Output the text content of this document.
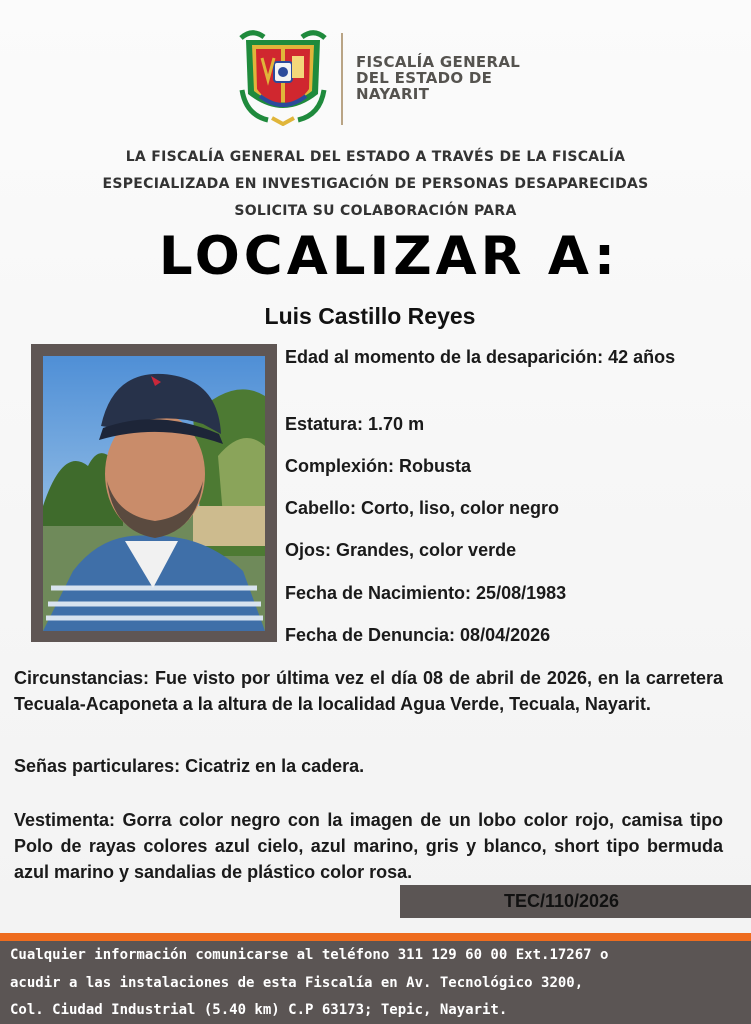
FISCALÍA GENERAL
DEL ESTADO DE
NAYARIT
LA FISCALÍA GENERAL DEL ESTADO A TRAVÉS DE LA FISCALÍA
ESPECIALIZADA EN INVESTIGACIÓN DE PERSONAS DESAPARECIDAS
SOLICITA SU COLABORACIÓN PARA
LOCALIZAR A:
Luis Castillo Reyes
Edad al momento de la desaparición: 42 años
Estatura: 1.70 m
Complexión: Robusta
Cabello: Corto, liso, color negro
Ojos: Grandes, color verde
Fecha de Nacimiento: 25/08/1983
Fecha de Denuncia: 08/04/2026
Circunstancias: Fue visto por última vez el día 08 de abril de 2026, en la carretera Tecuala-Acaponeta a la altura de la localidad Agua Verde, Tecuala, Nayarit.
Señas particulares: Cicatriz en la cadera.
Vestimenta: Gorra color negro con la imagen de un lobo color rojo, camisa tipo Polo de rayas colores azul cielo, azul marino, gris y blanco, short tipo bermuda azul marino y sandalias de plástico color rosa.
TEC/110/2026
Cualquier información comunicarse al teléfono 311 129 60 00 Ext.17267 o
acudir a las instalaciones de esta Fiscalía en Av. Tecnológico 3200,
Col. Ciudad Industrial (5.40 km) C.P 63173; Tepic, Nayarit.
